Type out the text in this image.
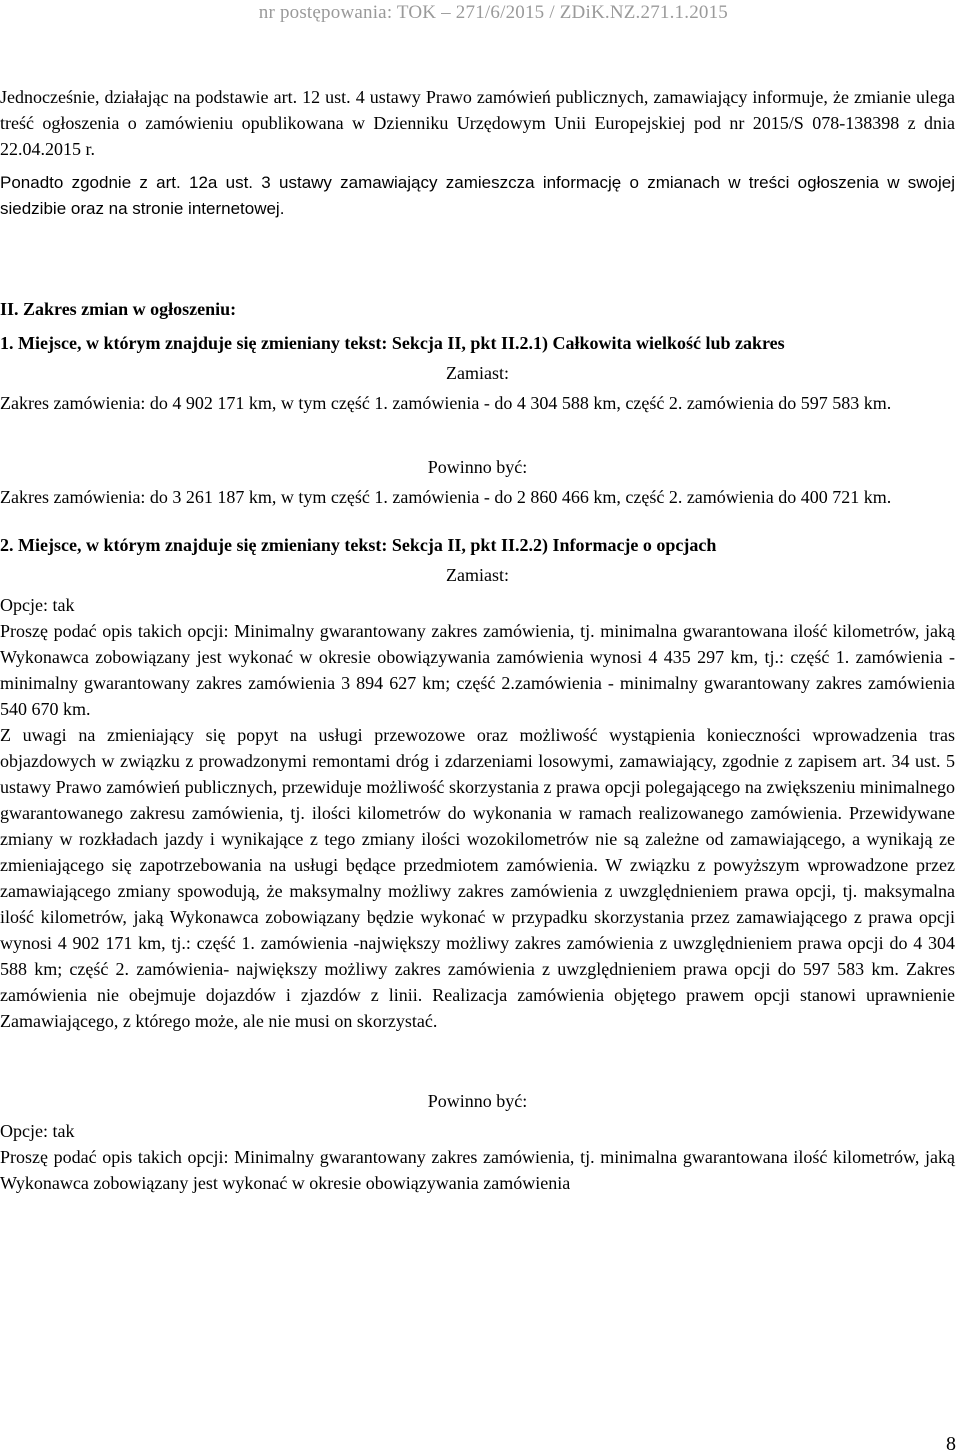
nr postępowania: TOK – 271/6/2015 / ZDiK.NZ.271.1.2015

Jednocześnie, działając na podstawie art. 12 ust. 4 ustawy Prawo zamówień publicznych, zamawiający informuje, że zmianie ulega treść ogłoszenia o zamówieniu opublikowana w Dzienniku Urzędowym Unii Europejskiej pod nr 2015/S 078-138398 z dnia 22.04.2015 r.

Ponadto zgodnie z art. 12a ust. 3 ustawy zamawiający zamieszcza informację o zmianach w treści ogłoszenia w swojej siedzibie oraz na stronie internetowej.

II. Zakres zmian w ogłoszeniu:

1. Miejsce, w którym znajduje się zmieniany tekst: Sekcja II, pkt II.2.1) Całkowita wielkość lub zakres

Zamiast:

Zakres zamówienia: do 4 902 171 km, w tym część 1. zamówienia - do 4 304 588 km, część 2. zamówienia do 597 583 km.

Powinno być:

Zakres zamówienia: do 3 261 187 km, w tym część 1. zamówienia - do 2 860 466 km, część 2. zamówienia do 400 721 km.

2. Miejsce, w którym znajduje się zmieniany tekst: Sekcja II, pkt II.2.2) Informacje o opcjach

Zamiast:

Opcje: tak

Proszę podać opis takich opcji: Minimalny gwarantowany zakres zamówienia, tj. minimalna gwarantowana ilość kilometrów, jaką Wykonawca zobowiązany jest wykonać w okresie obowiązywania zamówienia wynosi 4 435 297 km, tj.: część 1. zamówienia - minimalny gwarantowany zakres zamówienia 3 894 627 km; część 2.zamówienia - minimalny gwarantowany zakres zamówienia 540 670 km.

Z uwagi na zmieniający się popyt na usługi przewozowe oraz możliwość wystąpienia konieczności wprowadzenia tras objazdowych w związku z prowadzonymi remontami dróg i zdarzeniami losowymi, zamawiający, zgodnie z zapisem art. 34 ust. 5 ustawy Prawo zamówień publicznych, przewiduje możliwość skorzystania z prawa opcji polegającego na zwiększeniu minimalnego gwarantowanego zakresu zamówienia, tj. ilości kilometrów do wykonania w ramach realizowanego zamówienia. Przewidywane zmiany w rozkładach jazdy i wynikające z tego zmiany ilości wozokilometrów nie są zależne od zamawiającego, a wynikają ze zmieniającego się zapotrzebowania na usługi będące przedmiotem zamówienia. W związku z powyższym wprowadzone przez zamawiającego zmiany spowodują, że maksymalny możliwy zakres zamówienia z uwzględnieniem prawa opcji, tj. maksymalna ilość kilometrów, jaką Wykonawca zobowiązany będzie wykonać w przypadku skorzystania przez zamawiającego z prawa opcji wynosi 4 902 171 km, tj.: część 1. zamówienia -największy możliwy zakres zamówienia z uwzględnieniem prawa opcji do 4 304 588 km; część 2. zamówienia- największy możliwy zakres zamówienia z uwzględnieniem prawa opcji do 597 583 km. Zakres zamówienia nie obejmuje dojazdów i zjazdów z linii. Realizacja zamówienia objętego prawem opcji stanowi uprawnienie Zamawiającego, z którego może, ale nie musi on skorzystać.

Powinno być:

Opcje: tak

Proszę podać opis takich opcji: Minimalny gwarantowany zakres zamówienia, tj. minimalna gwarantowana ilość kilometrów, jaką Wykonawca zobowiązany jest wykonać w okresie obowiązywania zamówienia

8
